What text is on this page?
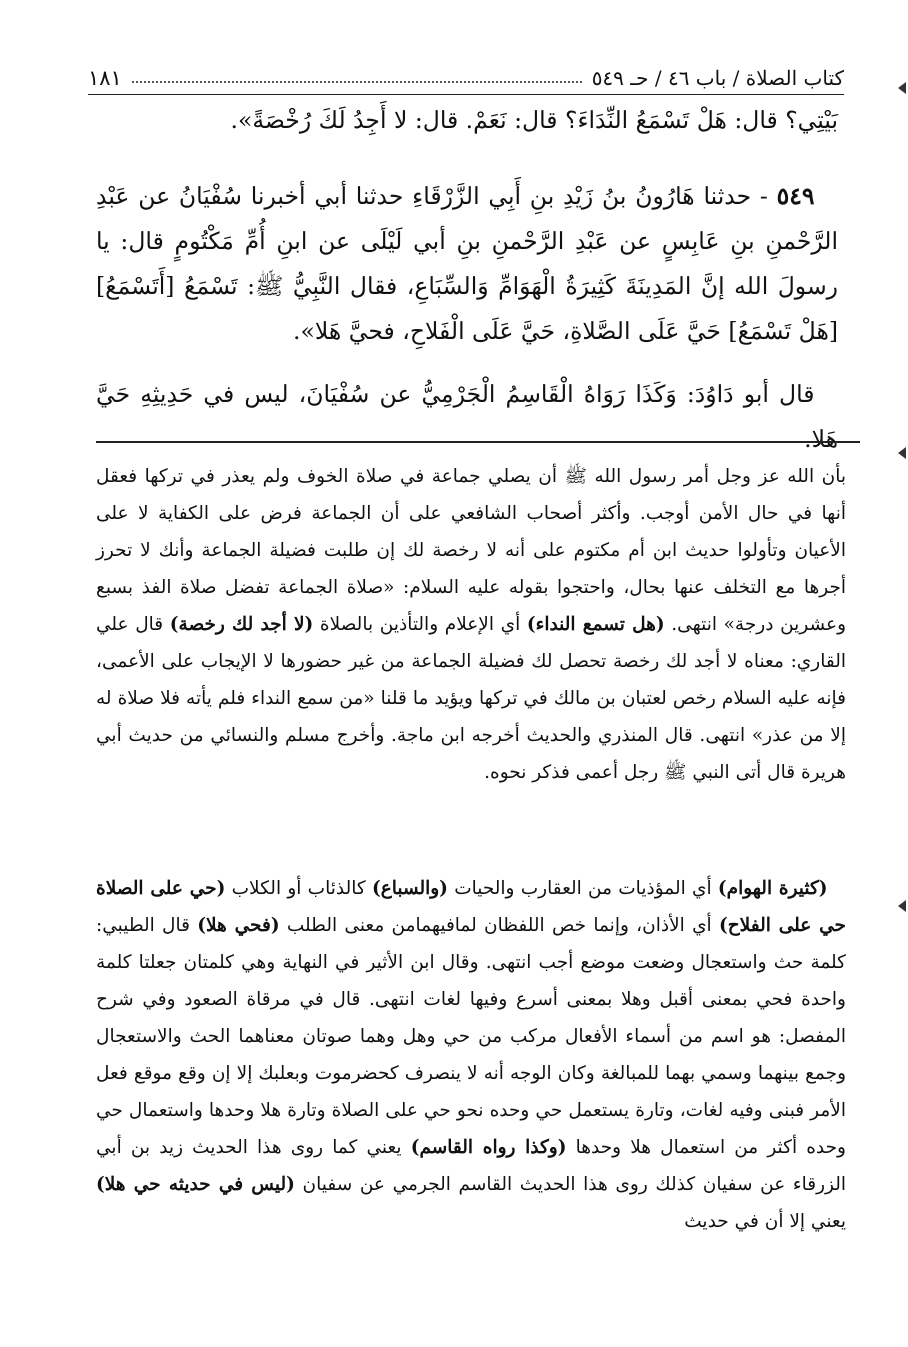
كتاب الصلاة / باب ٤٦ / حـ ٥٤٩
١٨١

بَيْتِي؟ قال: هَلْ تَسْمَعُ النِّدَاءَ؟ قال: نَعَمْ. قال: لا أَجِدُ لَكَ رُخْصَةً».

 ٥٤٩ - حدثنا هَارُونُ بنُ زَيْدِ بنِ أَبِي الزَّرْقَاءِ حدثنا أبي أخبرنا سُفْيَانُ عن عَبْدِ الرَّحْمنِ بنِ عَابِسٍ عن عَبْدِ الرَّحْمنِ بنِ أبي لَيْلَى عن ابنِ أُمِّ مَكْتُومٍ قال: يا رسولَ الله إنَّ المَدِينَةَ كَثِيرَةُ الْهَوَامِّ وَالسِّبَاعِ، فقال النَّبِيُّ ﷺ: تَسْمَعُ [أَتَسْمَعُ] [هَلْ تَسْمَعُ] حَيَّ عَلَى الصَّلاةِ، حَيَّ عَلَى الْفَلاحِ، فحيَّ هَلا».

 قال أبو دَاوُدَ: وَكَذَا رَوَاهُ الْقَاسِمُ الْجَرْمِيُّ عن سُفْيَانَ، ليس في حَدِيثِهِ حَيَّ هَلا.

بأن الله عز وجل أمر رسول الله ﷺ أن يصلي جماعة في صلاة الخوف ولم يعذر في تركها فعقل أنها في حال الأمن أوجب. وأكثر أصحاب الشافعي على أن الجماعة فرض على الكفاية لا على الأعيان وتأولوا حديث ابن أم مكتوم على أنه لا رخصة لك إن طلبت فضيلة الجماعة وأنك لا تحرز أجرها مع التخلف عنها بحال، واحتجوا بقوله عليه السلام: «صلاة الجماعة تفضل صلاة الفذ بسبع وعشرين درجة» انتهى. (هل تسمع النداء) أي الإعلام والتأذين بالصلاة (لا أجد لك رخصة) قال علي القاري: معناه لا أجد لك رخصة تحصل لك فضيلة الجماعة من غير حضورها لا الإيجاب على الأعمى، فإنه عليه السلام رخص لعتبان بن مالك في تركها ويؤيد ما قلنا «من سمع النداء فلم يأته فلا صلاة له إلا من عذر» انتهى. قال المنذري والحديث أخرجه ابن ماجة. وأخرج مسلم والنسائي من حديث أبي هريرة قال أتى النبي ﷺ رجل أعمى فذكر نحوه.

 (كثيرة الهوام) أي المؤذيات من العقارب والحيات (والسباع) كالذئاب أو الكلاب (حي على الصلاة حي على الفلاح) أي الأذان، وإنما خص اللفظان لمافيهمامن معنى الطلب (فحي هلا) قال الطيبي: كلمة حث واستعجال وضعت موضع أجب انتهى. وقال ابن الأثير في النهاية وهي كلمتان جعلتا كلمة واحدة فحي بمعنى أقبل وهلا بمعنى أسرع وفيها لغات انتهى. قال في مرقاة الصعود وفي شرح المفصل: هو اسم من أسماء الأفعال مركب من حي وهل وهما صوتان معناهما الحث والاستعجال وجمع بينهما وسمي بهما للمبالغة وكان الوجه أنه لا ينصرف كحضرموت وبعلبك إلا إن وقع موقع فعل الأمر فبنى وفيه لغات، وتارة يستعمل حي وحده نحو حي على الصلاة وتارة هلا وحدها واستعمال حي وحده أكثر من استعمال هلا وحدها (وكذا رواه القاسم) يعني كما روى هذا الحديث زيد بن أبي الزرقاء عن سفيان كذلك روى هذا الحديث القاسم الجرمي عن سفيان (ليس في حديثه حي هلا) يعني إلا أن في حديث
